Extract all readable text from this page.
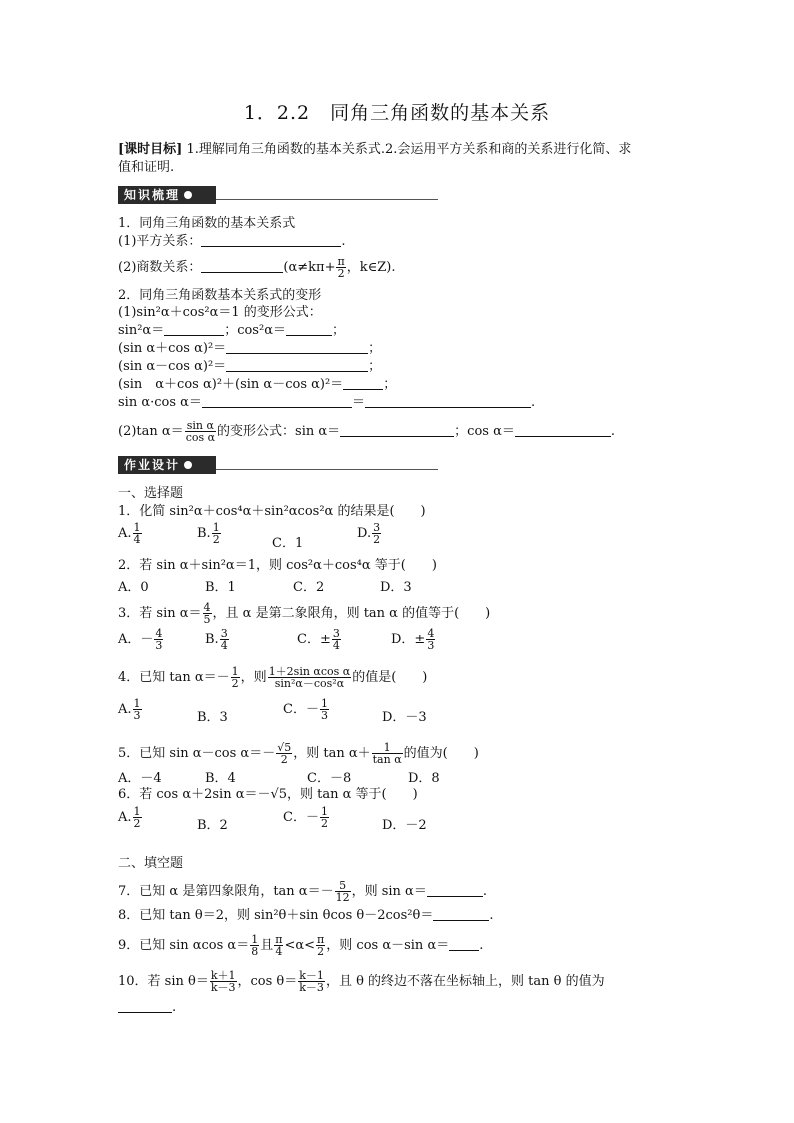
1．2.2　同角三角函数的基本关系
[课时目标] 1.理解同角三角函数的基本关系式.2.会运用平方关系和商的关系进行化简、求
值和证明.
知识梳理
1．同角三角函数的基本关系式
(1)平方关系：	.
(2)商数关系：	($\alpha\ne k\pi+ \frac{\pi}{2}$ ，k∈Z).
2．同角三角函数基本关系式的变形
(1)sin²α＋cos²α＝1 的变形公式：
sin²α＝	；cos²α＝	；
(sin α＋cos α)²＝	；
(sin α－cos α)²＝	；
(sin　α＋cos α)²＋(sin α－cos α)²＝	；
sin α·cos α＝	＝	.
(2)tan $\alpha= \frac{\text{sin α}}{\text{cos α}}$ 的变形公式：sin α＝	；cos α＝	.
作业设计
一、选择题
1．化简 sin²α＋cos⁴α＋sin²αcos²α 的结果是(　　)
A. $\frac{1}{4}$	B. $\frac{1}{2}$	C．1
D. $\frac{3}{2}$
2．若 sin α＋sin²α＝1，则 cos²α＋cos⁴α 等于(　　)
A．0	B．1	C．2	D．3
3．若 $\sin \alpha= \frac{4}{5}$ ，且 α 是第二象限角，则 tan α 的值等于(　　)
A．－ $\frac{4}{3}$	B. $\frac{3}{4}$	C．± $\frac{3}{4}$	D．± $\frac{4}{3}$
4．已知 $\tan \alpha=- \frac{1}{2}$ ，则 $\frac{\text{1＋2sin αcos α}}{\text{sin²α－cos²α}}$ 的值是(　　)
A. $\frac{1}{3}$	B．3
C．－ $\frac{1}{3}$	D．－3
5．已知 sin α－cos $\alpha=- \frac{√5}{2}$ ，则 $\tan \alpha+ \frac{1}{\text{tan α}}$ 的值为(　　)
A．－4	B．4	C．－8	D．8
6．若 cos α＋2sin α＝－√5，则 tan α 等于(　　)
A. $\frac{1}{2}$	B．2
C．－ $\frac{1}{2}$	D．－2
二、填空题
7．已知 α 是第四象限角，$\tan \alpha=- \frac{5}{12}$ ，则 sin α＝	.
8．已知 tan θ＝2，则 sin²θ＋sin θcos θ－2cos²θ＝	.
9．已知 sin αcos $\alpha= \frac{1}{8}$ 且 $\frac{\pi}{4} <\alpha< \frac{\pi}{2}$ ，则 cos α－sin α＝ .
10．若 $\sin \theta= \frac{k+1}{k-3}$ ，$\cos \theta= \frac{k-1}{k-3}$ ，且 θ 的终边不落在坐标轴上，则 tan θ 的值为
.
